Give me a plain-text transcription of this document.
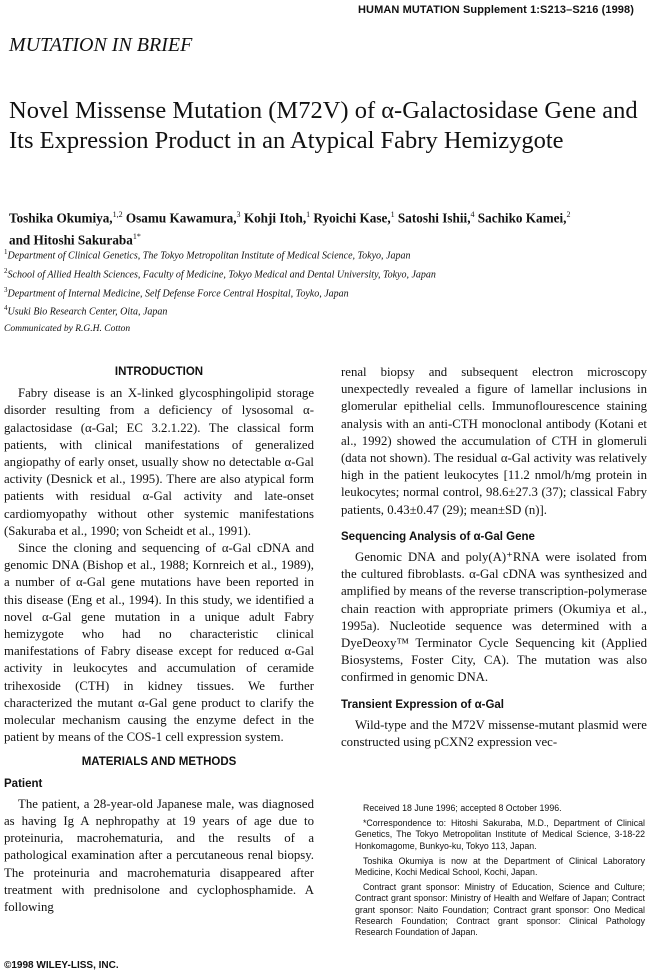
HUMAN MUTATION Supplement 1:S213–S216 (1998)
MUTATION IN BRIEF
Novel Missense Mutation (M72V) of α-Galactosidase Gene and Its Expression Product in an Atypical Fabry Hemizygote

Toshika Okumiya,$^{1,2}$ Osamu Kawamura,$^3$ Kohji Itoh,$^1$ Ryoichi Kase,$^1$ Satoshi Ishii,$^4$ Sachiko Kamei,$^2$
and Hitoshi Sakuraba$^{1*}$

$^1$Department of Clinical Genetics, The Tokyo Metropolitan Institute of Medical Science, Tokyo, Japan
$^2$School of Allied Health Sciences, Faculty of Medicine, Tokyo Medical and Dental University, Tokyo, Japan
$^3$Department of Internal Medicine, Self Defense Force Central Hospital, Toyko, Japan
$^4$Usuki Bio Research Center, Oita, Japan
Communicated by R.G.H. Cotton
INTRODUCTION

Fabry disease is an X-linked glycosphingolipid storage disorder resulting from a deficiency of lysosomal α-galactosidase (α-Gal; EC 3.2.1.22). The classical form patients, with clinical manifestations of generalized angiopathy of early onset, usually show no detectable α-Gal activity (Desnick et al., 1995). There are also atypical form patients with residual α-Gal activity and late-onset cardiomyopathy without other systemic manifestations (Sakuraba et al., 1990; von Scheidt et al., 1991).

Since the cloning and sequencing of α-Gal cDNA and genomic DNA (Bishop et al., 1988; Kornreich et al., 1989), a number of α-Gal gene mutations have been reported in this disease (Eng et al., 1994). In this study, we identified a novel α-Gal gene mutation in a unique adult Fabry hemizygote who had no characteristic clinical manifestations of Fabry disease except for reduced α-Gal activity in leukocytes and accumulation of ceramide trihexoside (CTH) in kidney tissues. We further characterized the mutant α-Gal gene product to clarify the molecular mechanism causing the enzyme defect in the patient by means of the COS-1 cell expression system.

MATERIALS AND METHODS
Patient

The patient, a 28-year-old Japanese male, was diagnosed as having Ig A nephropathy at 19 years of age due to proteinuria, macrohematuria, and the results of a pathological examination after a percutaneous renal biopsy. The proteinuria and macrohematuria disappeared after treatment with prednisolone and cyclophosphamide. A following

renal biopsy and subsequent electron microscopy unexpectedly revealed a figure of lamellar inclusions in glomerular epithelial cells. Immunoflourescence staining analysis with an anti-CTH monoclonal antibody (Kotani et al., 1992) showed the accumulation of CTH in glomeruli (data not shown). The residual α-Gal activity was relatively high in the patient leukocytes [11.2 nmol/h/mg protein in leukocytes; normal control, 98.6±27.3 (37); classical Fabry patients, 0.43±0.47 (29); mean±SD (n)].

Sequencing Analysis of α-Gal Gene

Genomic DNA and poly(A)⁺RNA were isolated from the cultured fibroblasts. α-Gal cDNA was synthesized and amplified by means of the reverse transcription-polymerase chain reaction with appropriate primers (Okumiya et al., 1995a). Nucleotide sequence was determined with a DyeDeoxy™ Terminator Cycle Sequencing kit (Applied Biosystems, Foster City, CA). The mutation was also confirmed in genomic DNA.

Transient Expression of α-Gal

Wild-type and the M72V missense-mutant plasmid were constructed using pCXN2 expression vec-

Received 18 June 1996; accepted 8 October 1996.

*Correspondence to: Hitoshi Sakuraba, M.D., Department of Clinical Genetics, The Tokyo Metropolitan Institute of Medical Science, 3-18-22 Honkomagome, Bunkyo-ku, Tokyo 113, Japan.

Toshika Okumiya is now at the Department of Clinical Laboratory Medicine, Kochi Medical School, Kochi, Japan.

Contract grant sponsor: Ministry of Education, Science and Culture; Contract grant sponsor: Ministry of Health and Welfare of Japan; Contract grant sponsor: Naito Foundation; Contract grant sponsor: Ono Medical Research Foundation; Contract grant sponsor: Clinical Pathology Research Foundation of Japan.

©1998 WILEY-LISS, INC.
